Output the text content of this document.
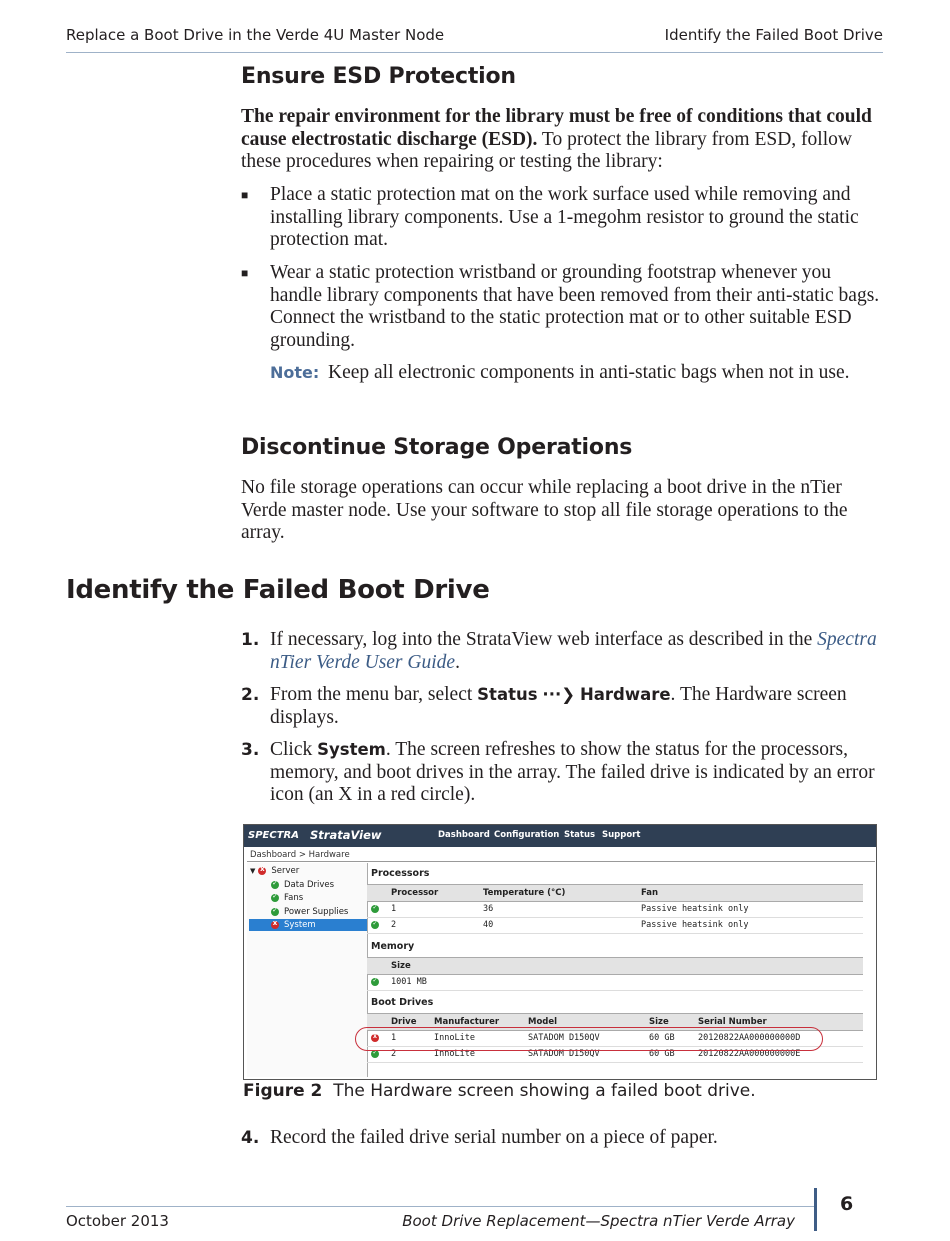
Replace a Boot Drive in the Verde 4U Master Node	Identify the Failed Boot Drive
Ensure ESD Protection
The repair environment for the library must be free of conditions that could cause electrostatic discharge (ESD). To protect the library from ESD, follow these procedures when repairing or testing the library:
■ Place a static protection mat on the work surface used while removing and installing library components. Use a 1-megohm resistor to ground the static protection mat.
■ Wear a static protection wristband or grounding footstrap whenever you handle library components that have been removed from their anti-static bags. Connect the wristband to the static protection mat or to other suitable ESD grounding.
Note: Keep all electronic components in anti-static bags when not in use.
Discontinue Storage Operations
No file storage operations can occur while replacing a boot drive in the nTier Verde master node. Use your software to stop all file storage operations to the array.
Identify the Failed Boot Drive
1. If necessary, log into the StrataView web interface as described in the Spectra nTier Verde User Guide.
2. From the menu bar, select Status ···❯ Hardware. The Hardware screen displays.
3. Click System. The screen refreshes to show the status for the processors, memory, and boot drives in the array. The failed drive is indicated by an error icon (an X in a red circle).
SPECTRA StrataView	Dashboard Configuration Status Support
Dashboard > Hardware
▼x Server
✓Data Drives
✓Fans
✓Power Supplies
xSystem
Processors
Processor	Temperature (°C)	Fan
✓
1	36	Passive heatsink only
✓
2	40	Passive heatsink only
Memory
Size
✓
1001 MB
Boot Drives
Drive Manufacturer	Model	Size	Serial Number
x
1	InnoLite	SATADOM D150QV	60 GB	20120822AA000000000D
✓
2	InnoLite	SATADOM D150QV	60 GB	20120822AA000000000E
Figure 2 The Hardware screen showing a failed boot drive.
4. Record the failed drive serial number on a piece of paper.
October 2013	Boot Drive Replacement—Spectra nTier Verde Array
6
